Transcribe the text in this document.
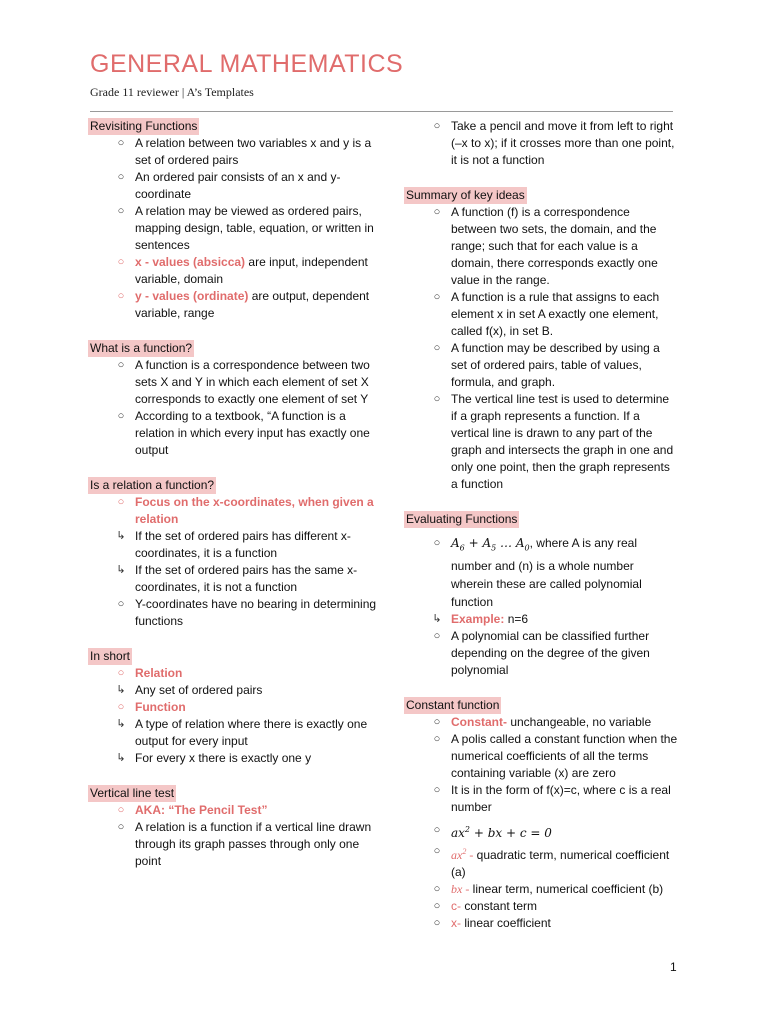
GENERAL MATHEMATICS
Grade 11 reviewer | A’s Templates
Revisiting Functions
○ A relation between two variables x and y is a set of ordered pairs
○ An ordered pair consists of an x and y-coordinate
○ A relation may be viewed as ordered pairs, mapping design, table, equation, or written in sentences
○ x - values (absicca) are input, independent variable, domain
○ y - values (ordinate) are output, dependent variable, range
What is a function?
○ A function is a correspondence between two sets X and Y in which each element of set X corresponds to exactly one element of set Y
○ According to a textbook, “A function is a relation in which every input has exactly one output
Is a relation a function?
○ Focus on the x-coordinates, when given a relation
↳ If the set of ordered pairs has different x-coordinates, it is a function
↳ If the set of ordered pairs has the same x-coordinates, it is not a function
○ Y-coordinates have no bearing in determining functions
In short
○ Relation
↳ Any set of ordered pairs
○ Function
↳ A type of relation where there is exactly one output for every input
↳ For every x there is exactly one y
Vertical line test
○ AKA: “The Pencil Test”
○ A relation is a function if a vertical line drawn through its graph passes through only one point
○ Take a pencil and move it from left to right (–x to x); if it crosses more than one point, it is not a function
Summary of key ideas
○ A function (f) is a correspondence between two sets, the domain, and the range; such that for each value is a domain, there corresponds exactly one value in the range.
○ A function is a rule that assigns to each element x in set A exactly one element, called f(x), in set B.
○ A function may be described by using a set of ordered pairs, table of values, formula, and graph.
○ The vertical line test is used to determine if a graph represents a function. If a vertical line is drawn to any part of the graph and intersects the graph in one and only one point, then the graph represents a function
Evaluating Functions
○ $A_6 + A_5$ … $A_0$, where A is any real number and (n) is a whole number wherein these are called polynomial function
↳ Example: n=6
○ A polynomial can be classified further depending on the degree of the given polynomial
Constant function
○ Constant- unchangeable, no variable
○ A polis called a constant function when the numerical coefficients of all the terms containing variable (x) are zero
○ It is in the form of f(x)=c, where c is a real number
○ $ax^2$ + bx + c = 0
○ $ax^2$ - quadratic term, numerical coefficient (a)
○ bx - linear term, numerical coefficient (b)
○ c- constant term
○ x- linear coefficient
1
